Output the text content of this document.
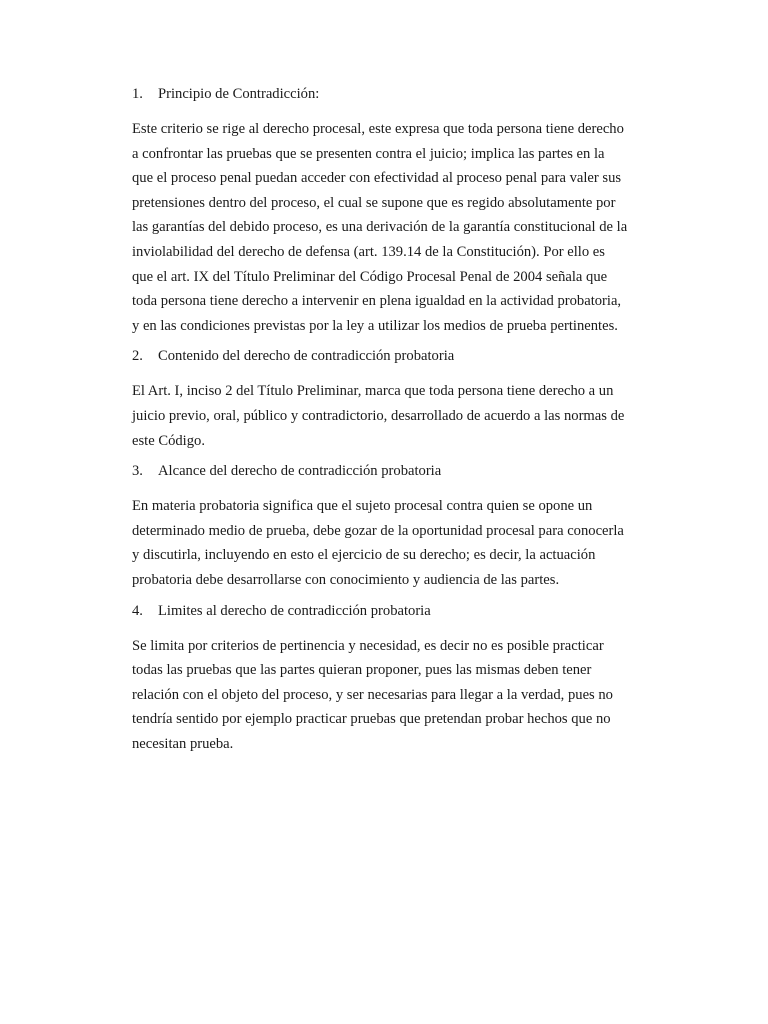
1.	Principio de Contradicción:

Este criterio se rige al derecho procesal, este expresa que toda persona tiene derecho
a confrontar las pruebas que se presenten contra el juicio; implica las partes en la
que el proceso penal puedan acceder con efectividad al proceso penal para valer sus
pretensiones dentro del proceso, el cual se supone que es regido absolutamente por
las garantías del debido proceso, es una derivación de la garantía constitucional de la
inviolabilidad del derecho de defensa (art. 139.14 de la Constitución). Por ello es
que el art. IX del Título Preliminar del Código Procesal Penal de 2004 señala que
toda persona tiene derecho a intervenir en plena igualdad en la actividad probatoria,
y en las condiciones previstas por la ley a utilizar los medios de prueba pertinentes.

2.	Contenido del derecho de contradicción probatoria

El Art. I, inciso 2 del Título Preliminar, marca que toda persona tiene derecho a un
juicio previo, oral, público y contradictorio, desarrollado de acuerdo a las normas de
este Código.

3.	Alcance del derecho de contradicción probatoria

En materia probatoria significa que el sujeto procesal contra quien se opone un
determinado medio de prueba, debe gozar de la oportunidad procesal para conocerla
y discutirla, incluyendo en esto el ejercicio de su derecho; es decir, la actuación
probatoria debe desarrollarse con conocimiento y audiencia de las partes.

4.	Limites al derecho de contradicción probatoria

Se limita por criterios de pertinencia y necesidad, es decir no es posible practicar
todas las pruebas que las partes quieran proponer, pues las mismas deben tener
relación con el objeto del proceso, y ser necesarias para llegar a la verdad, pues no
tendría sentido por ejemplo practicar pruebas que pretendan probar hechos que no
necesitan prueba.
